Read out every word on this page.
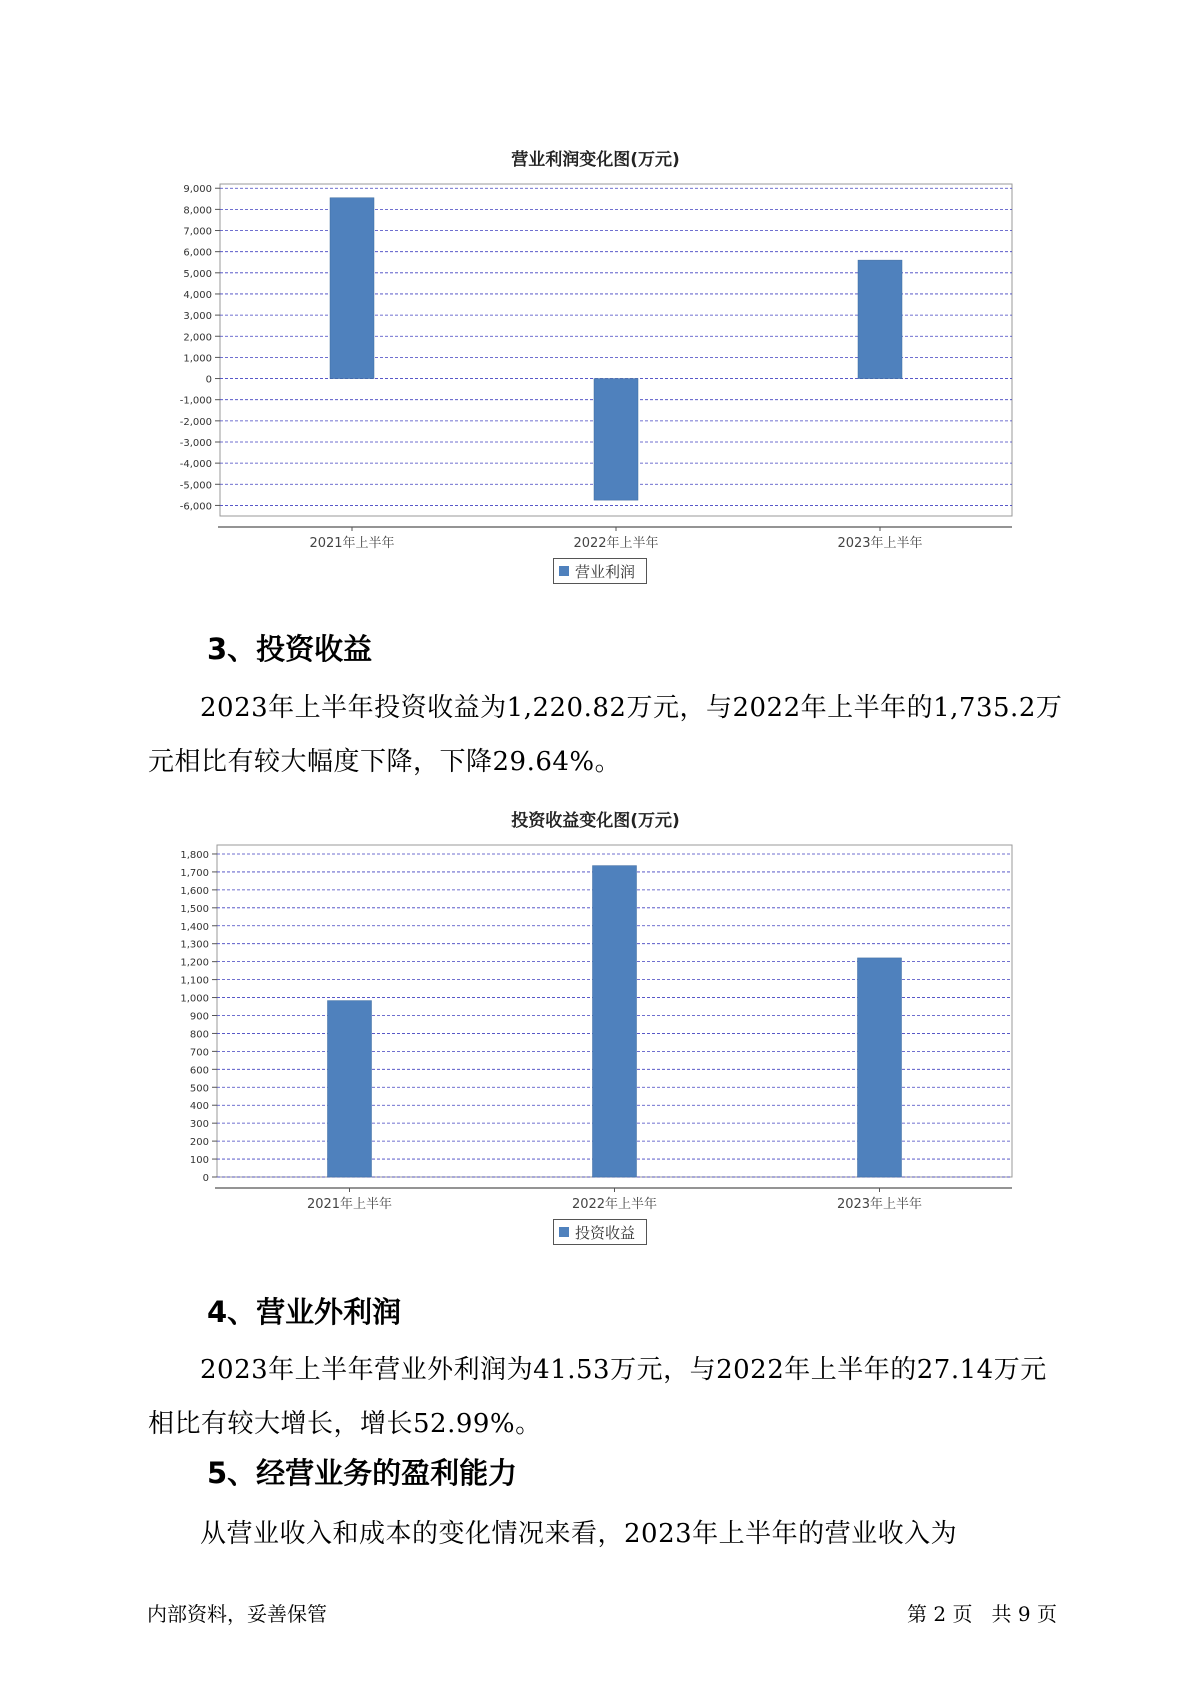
营业利润变化图(万元)
9,000
8,000
7,000
6,000
5,000
4,000
3,000
2,000
1,000
0
-1,000
-2,000
-3,000
-4,000
-5,000
-6,000
2021年上半年	2022年上半年	2023年上半年
营业利润
3、投资收益

2023年上半年投资收益为1,220.82万元，与2022年上半年的1,735.2万元相比有较大幅度下降，下降29.64%。

投资收益变化图(万元)
1,800
1,700
1,600
1,500
1,400
1,300
1,200
1,100
1,000
900
800
700
600
500
400
300
200
100
0
2021年上半年	2022年上半年	2023年上半年
投资收益
4、营业外利润

2023年上半年营业外利润为41.53万元，与2022年上半年的27.14万元相比有较大增长，增长52.99%。

5、经营业务的盈利能力

从营业收入和成本的变化情况来看，2023年上半年的营业收入为

内部资料，妥善保管	第 2 页   共 9 页
